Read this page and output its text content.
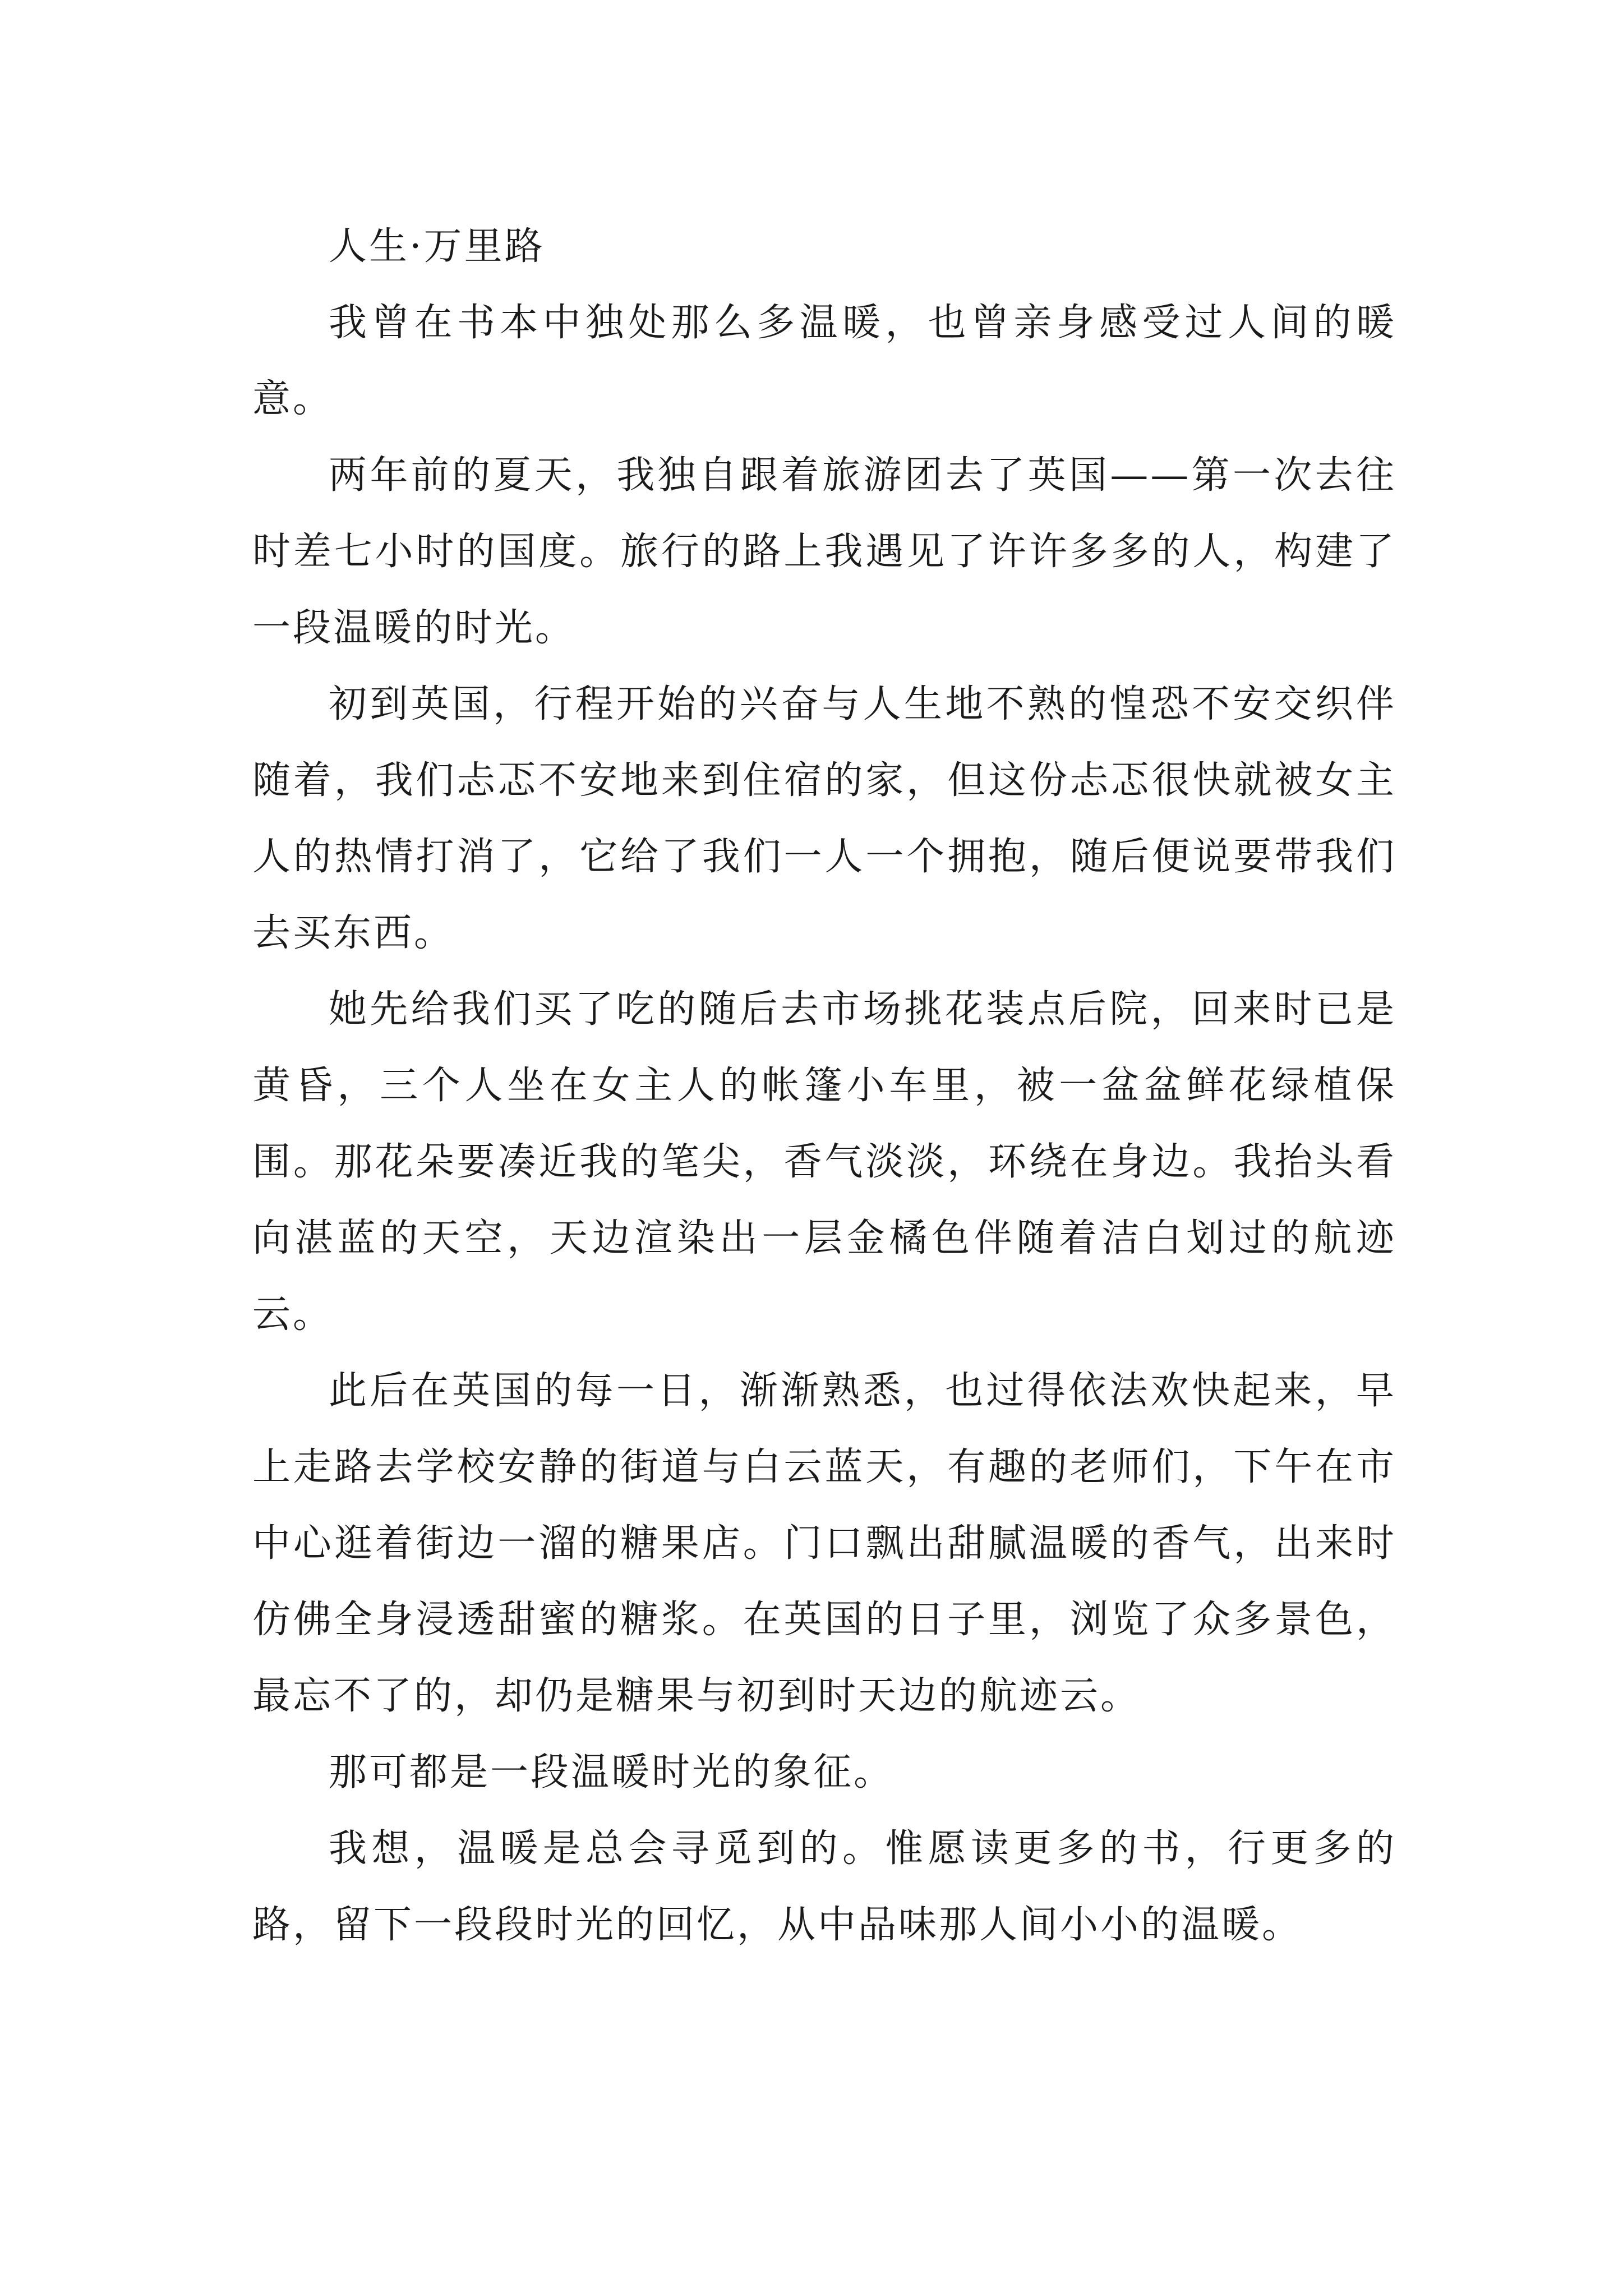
人生·万里路

我曾在书本中独处那么多温暖，也曾亲身感受过人间的暖意。

两年前的夏天，我独自跟着旅游团去了英国——第一次去往时差七小时的国度。旅行的路上我遇见了许许多多的人，构建了一段温暖的时光。

初到英国，行程开始的兴奋与人生地不熟的惶恐不安交织伴随着，我们忐忑不安地来到住宿的家，但这份忐忑很快就被女主人的热情打消了，它给了我们一人一个拥抱，随后便说要带我们去买东西。

她先给我们买了吃的随后去市场挑花装点后院，回来时已是黄昏，三个人坐在女主人的帐篷小车里，被一盆盆鲜花绿植保围。那花朵要凑近我的笔尖，香气淡淡，环绕在身边。我抬头看向湛蓝的天空，天边渲染出一层金橘色伴随着洁白划过的航迹云。

此后在英国的每一日，渐渐熟悉，也过得依法欢快起来，早上走路去学校安静的街道与白云蓝天，有趣的老师们，下午在市中心逛着街边一溜的糖果店。门口飘出甜腻温暖的香气，出来时仿佛全身浸透甜蜜的糖浆。在英国的日子里，浏览了众多景色，最忘不了的，却仍是糖果与初到时天边的航迹云。

那可都是一段温暖时光的象征。

我想，温暖是总会寻觅到的。惟愿读更多的书，行更多的路，留下一段段时光的回忆，从中品味那人间小小的温暖。
